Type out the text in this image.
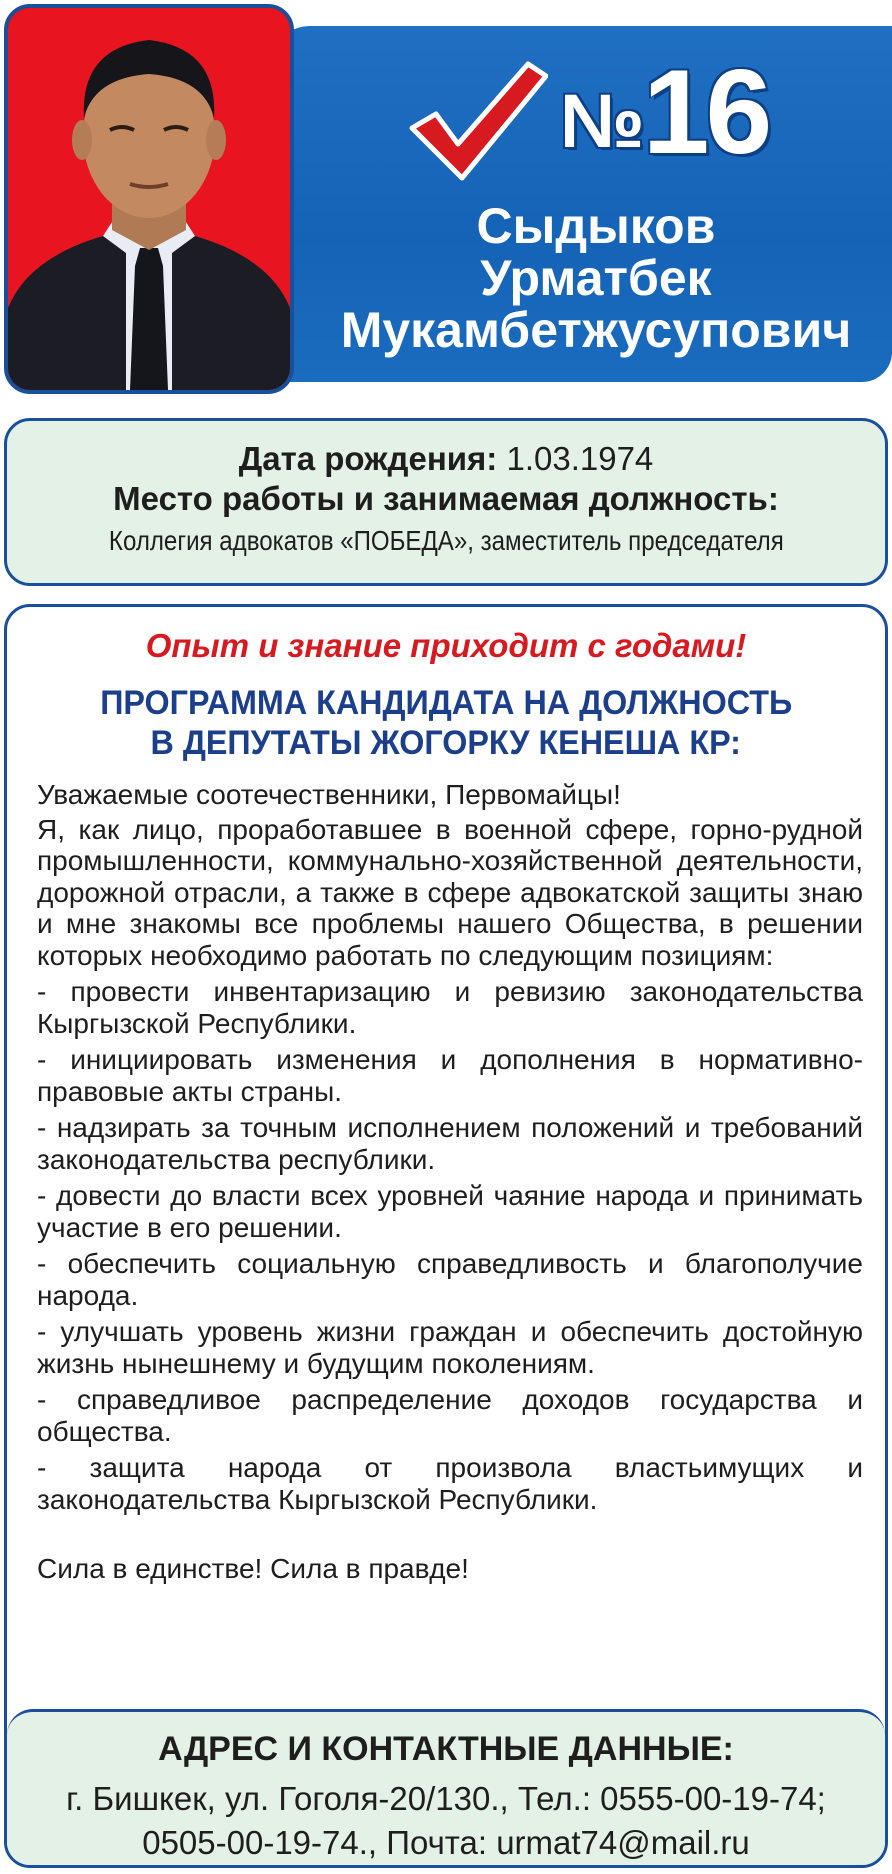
№16
Сыдыков
Урматбек
Мукамбетжусупович
Дата рождения: 1.03.1974
Место работы и занимаемая должность:
Коллегия адвокатов «ПОБЕДА», заместитель председателя
Опыт и знание приходит с годами!
ПРОГРАММА КАНДИДАТА НА ДОЛЖНОСТЬ
В ДЕПУТАТЫ ЖОГОРКУ КЕНЕША КР:

Уважаемые соотечественники, Первомайцы!

Я, как лицо, проработавшее в военной сфере, горно-рудной промышленности, коммунально-хозяйственной деятельности, дорожной отрасли, а также в сфере адвокатской защиты знаю и мне знакомы все проблемы нашего Общества, в решении которых необходимо работать по следующим позициям:

- провести инвентаризацию и ревизию законодательства Кыргызской Республики.

- инициировать изменения и дополнения в нормативно-правовые акты страны.

- надзирать за точным исполнением положений и требований законодательства республики.

- довести до власти всех уровней чаяние народа и принимать участие в его решении.

- обеспечить социальную справедливость и благополучие народа.

- улучшать уровень жизни граждан и обеспечить достойную жизнь нынешнему и будущим поколениям.

- справедливое распределение доходов государства и общества.

- защита народа от произвола властьимущих и законодательства Кыргызской Республики.

Сила в единстве! Сила в правде!

АДРЕС И КОНТАКТНЫЕ ДАННЫЕ:
г. Бишкек, ул. Гоголя-20/130., Тел.: 0555-00-19-74;
0505-00-19-74., Почта: urmat74@mail.ru
